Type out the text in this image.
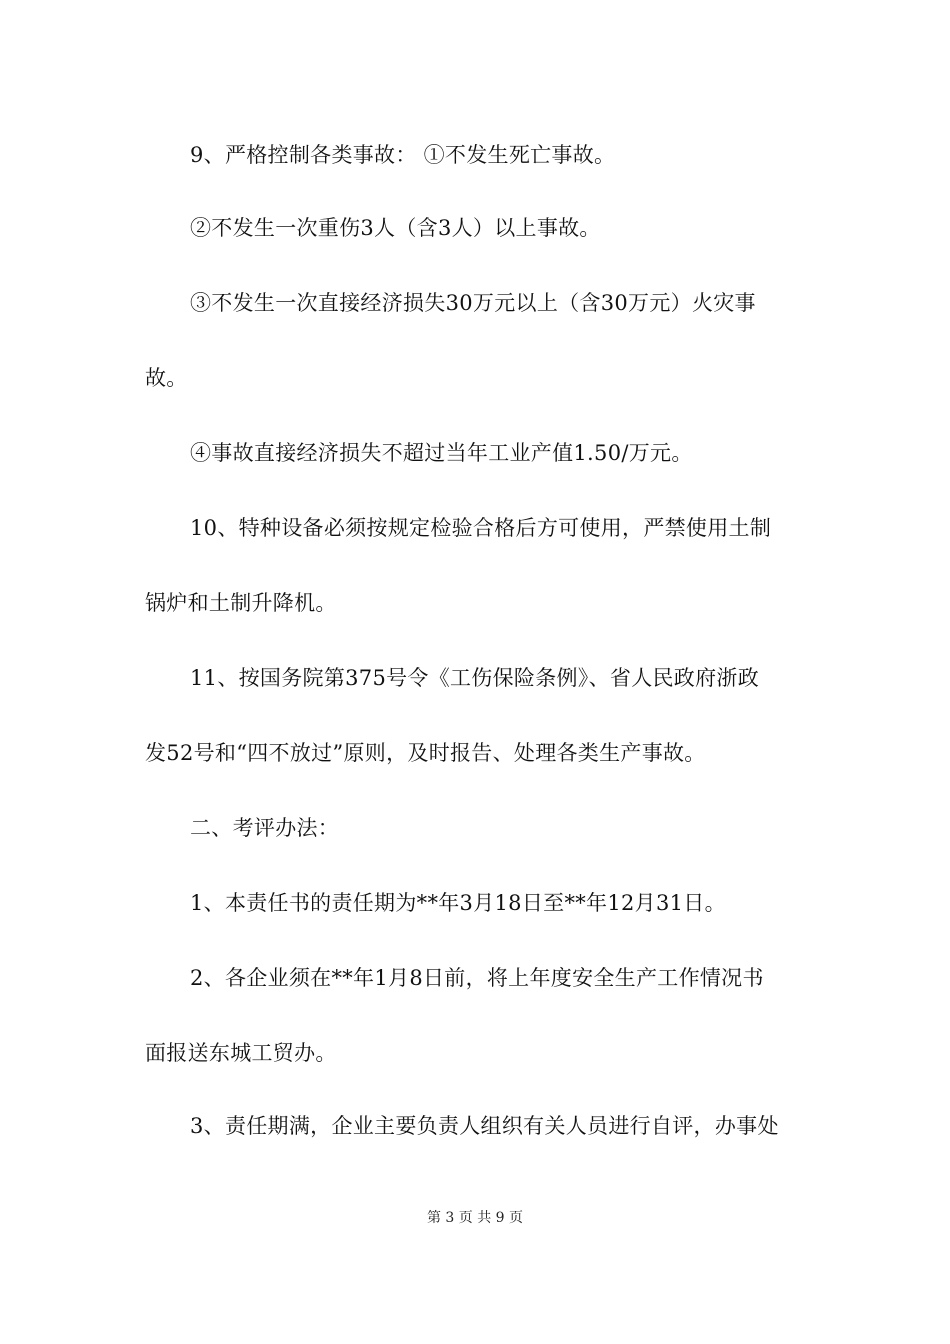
9、严格控制各类事故： ①不发生死亡事故。
②不发生一次重伤3人（含3人）以上事故。
③不发生一次直接经济损失30万元以上（含30万元）火灾事
故。
④事故直接经济损失不超过当年工业产值1.50/万元。
10、特种设备必须按规定检验合格后方可使用，严禁使用土制
锅炉和土制升降机。
11、按国务院第375号令《工伤保险条例》、省人民政府浙政
发52号和“四不放过”原则，及时报告、处理各类生产事故。
二、考评办法：
1、本责任书的责任期为**年3月18日至**年12月31日。
2、各企业须在**年1月8日前，将上年度安全生产工作情况书
面报送东城工贸办。
3、责任期满，企业主要负责人组织有关人员进行自评，办事处
第 3 页 共 9 页
